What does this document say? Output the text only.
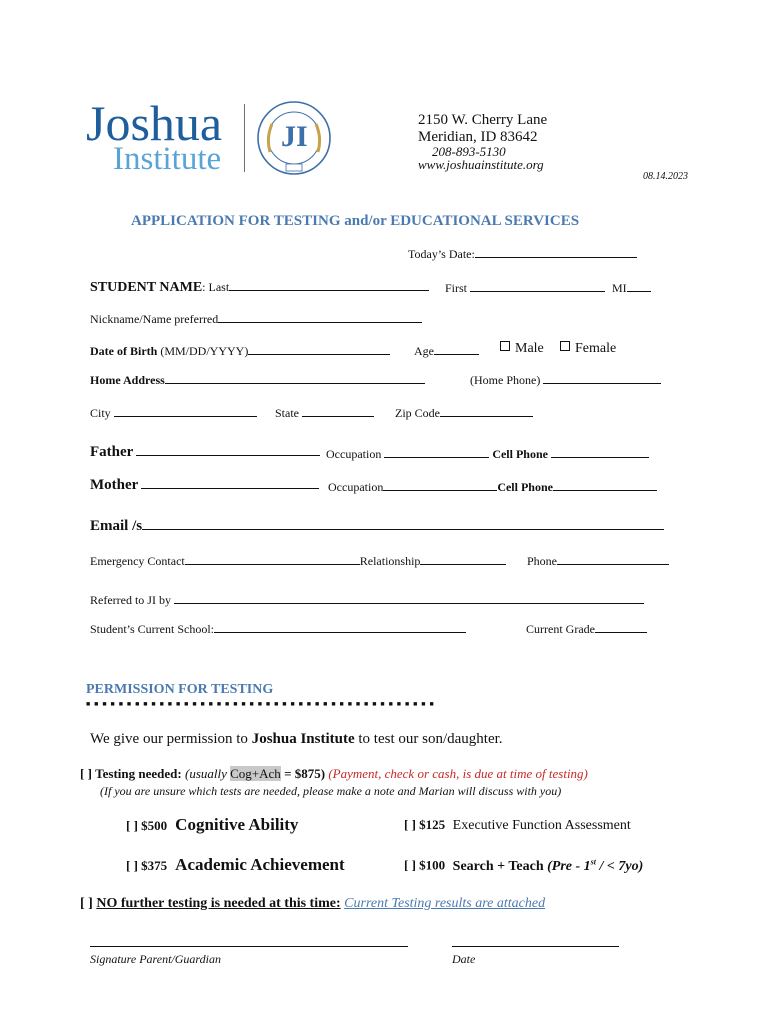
Joshua
Institute
JI	2150 W. Cherry Lane
Meridian, ID 83642
208-893-5130
www.joshuainstitute.org
08.14.2023
APPLICATION FOR TESTING and/or EDUCATIONAL SERVICES
Today’s Date:
STUDENT NAME: Last	First	MI
Nickname/Name preferred
Date of Birth (MM/DD/YYYY)	Age	Male	Female
Home Address	(Home Phone)
City	State	Zip Code
Father	Occupation	Cell Phone
Mother	Occupation	Cell Phone
Email /s
Emergency Contact	Relationship	Phone
Referred to JI by
Student’s Current School:	Current Grade
PERMISSION FOR TESTING
■ ■ ■ ■ ■ ■ ■ ■ ■ ■ ■ ■ ■ ■ ■ ■ ■ ■ ■ ■ ■ ■ ■ ■ ■ ■ ■ ■ ■ ■ ■ ■ ■ ■ ■ ■ ■ ■ ■ ■ ■ ■ ■
We give our permission to Joshua Institute to test our son/daughter.
[ ] Testing needed: (usually Cog+Ach = $875) (Payment, check or cash, is due at time of testing)
(If you are unsure which tests are needed, please make a note and Marian will discuss with you)
[ ] $500 Cognitive Ability	[ ] $125 Executive Function Assessment
[ ] $375 Academic Achievement	[ ] $100 Search + Teach (Pre - 1st / < 7yo)
[ ] NO further testing is needed at this time: Current Testing results are attached
Signature Parent/Guardian	Date
